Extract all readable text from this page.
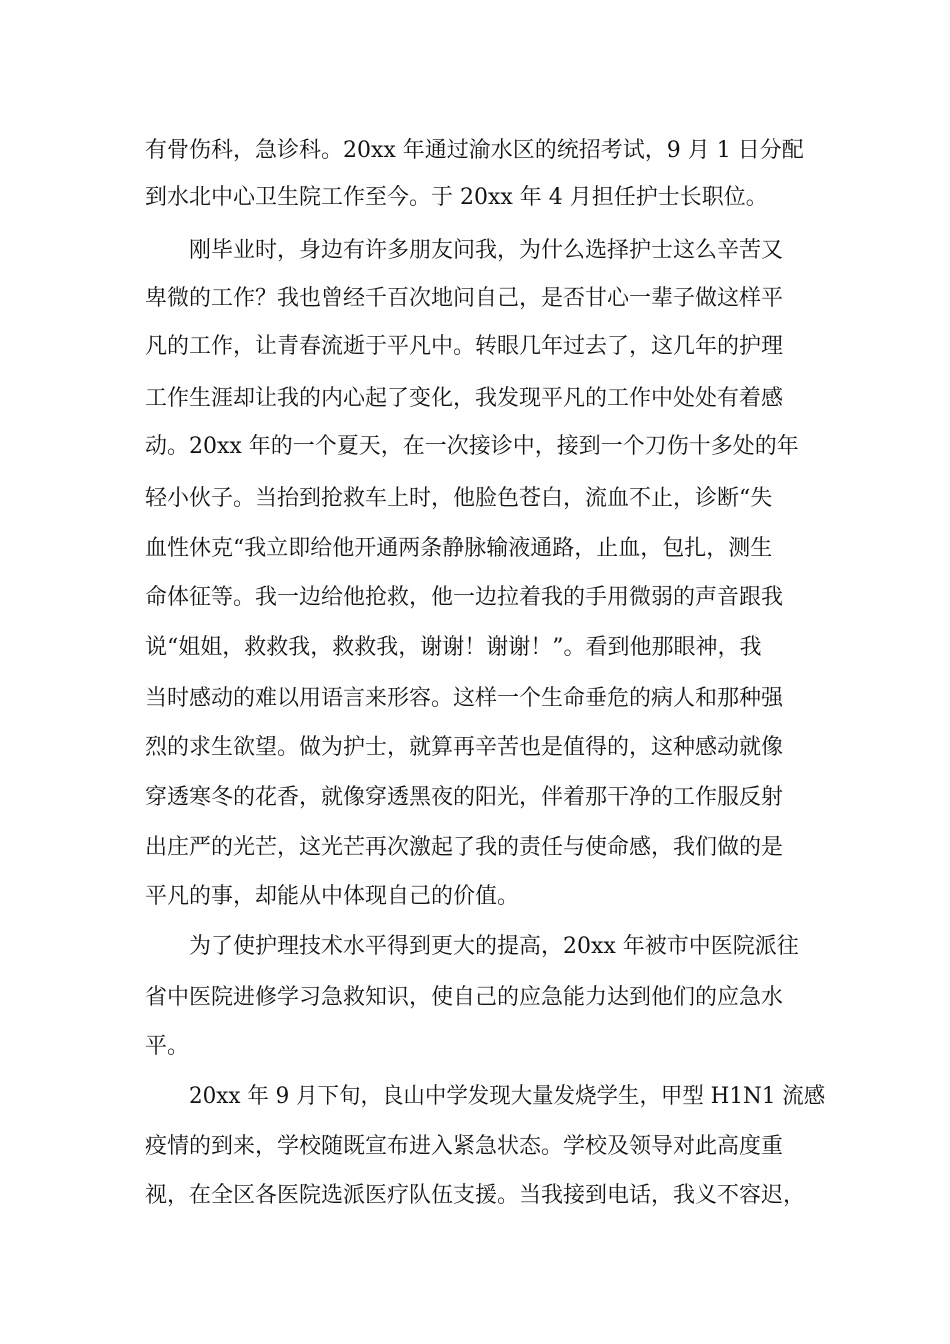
有骨伤科，急诊科。20xx 年通过渝水区的统招考试，9 月 1 日分配
到水北中心卫生院工作至今。于 20xx 年 4 月担任护士长职位。
刚毕业时，身边有许多朋友问我，为什么选择护士这么辛苦又
卑微的工作？我也曾经千百次地问自己，是否甘心一辈子做这样平
凡的工作，让青春流逝于平凡中。转眼几年过去了，这几年的护理
工作生涯却让我的内心起了变化，我发现平凡的工作中处处有着感
动。20xx 年的一个夏天，在一次接诊中，接到一个刀伤十多处的年
轻小伙子。当抬到抢救车上时，他脸色苍白，流血不止，诊断“失
血性休克“我立即给他开通两条静脉输液通路，止血，包扎，测生
命体征等。我一边给他抢救，他一边拉着我的手用微弱的声音跟我
说“姐姐，救救我，救救我，谢谢！谢谢！”。看到他那眼神，我
当时感动的难以用语言来形容。这样一个生命垂危的病人和那种强
烈的求生欲望。做为护士，就算再辛苦也是值得的，这种感动就像
穿透寒冬的花香，就像穿透黑夜的阳光，伴着那干净的工作服反射
出庄严的光芒，这光芒再次激起了我的责任与使命感，我们做的是
平凡的事，却能从中体现自己的价值。
为了使护理技术水平得到更大的提高，20xx 年被市中医院派往
省中医院进修学习急救知识，使自己的应急能力达到他们的应急水
平。
20xx 年 9 月下旬，良山中学发现大量发烧学生，甲型 H1N1 流感
疫情的到来，学校随既宣布进入紧急状态。学校及领导对此高度重
视，在全区各医院选派医疗队伍支援。当我接到电话，我义不容迟，
